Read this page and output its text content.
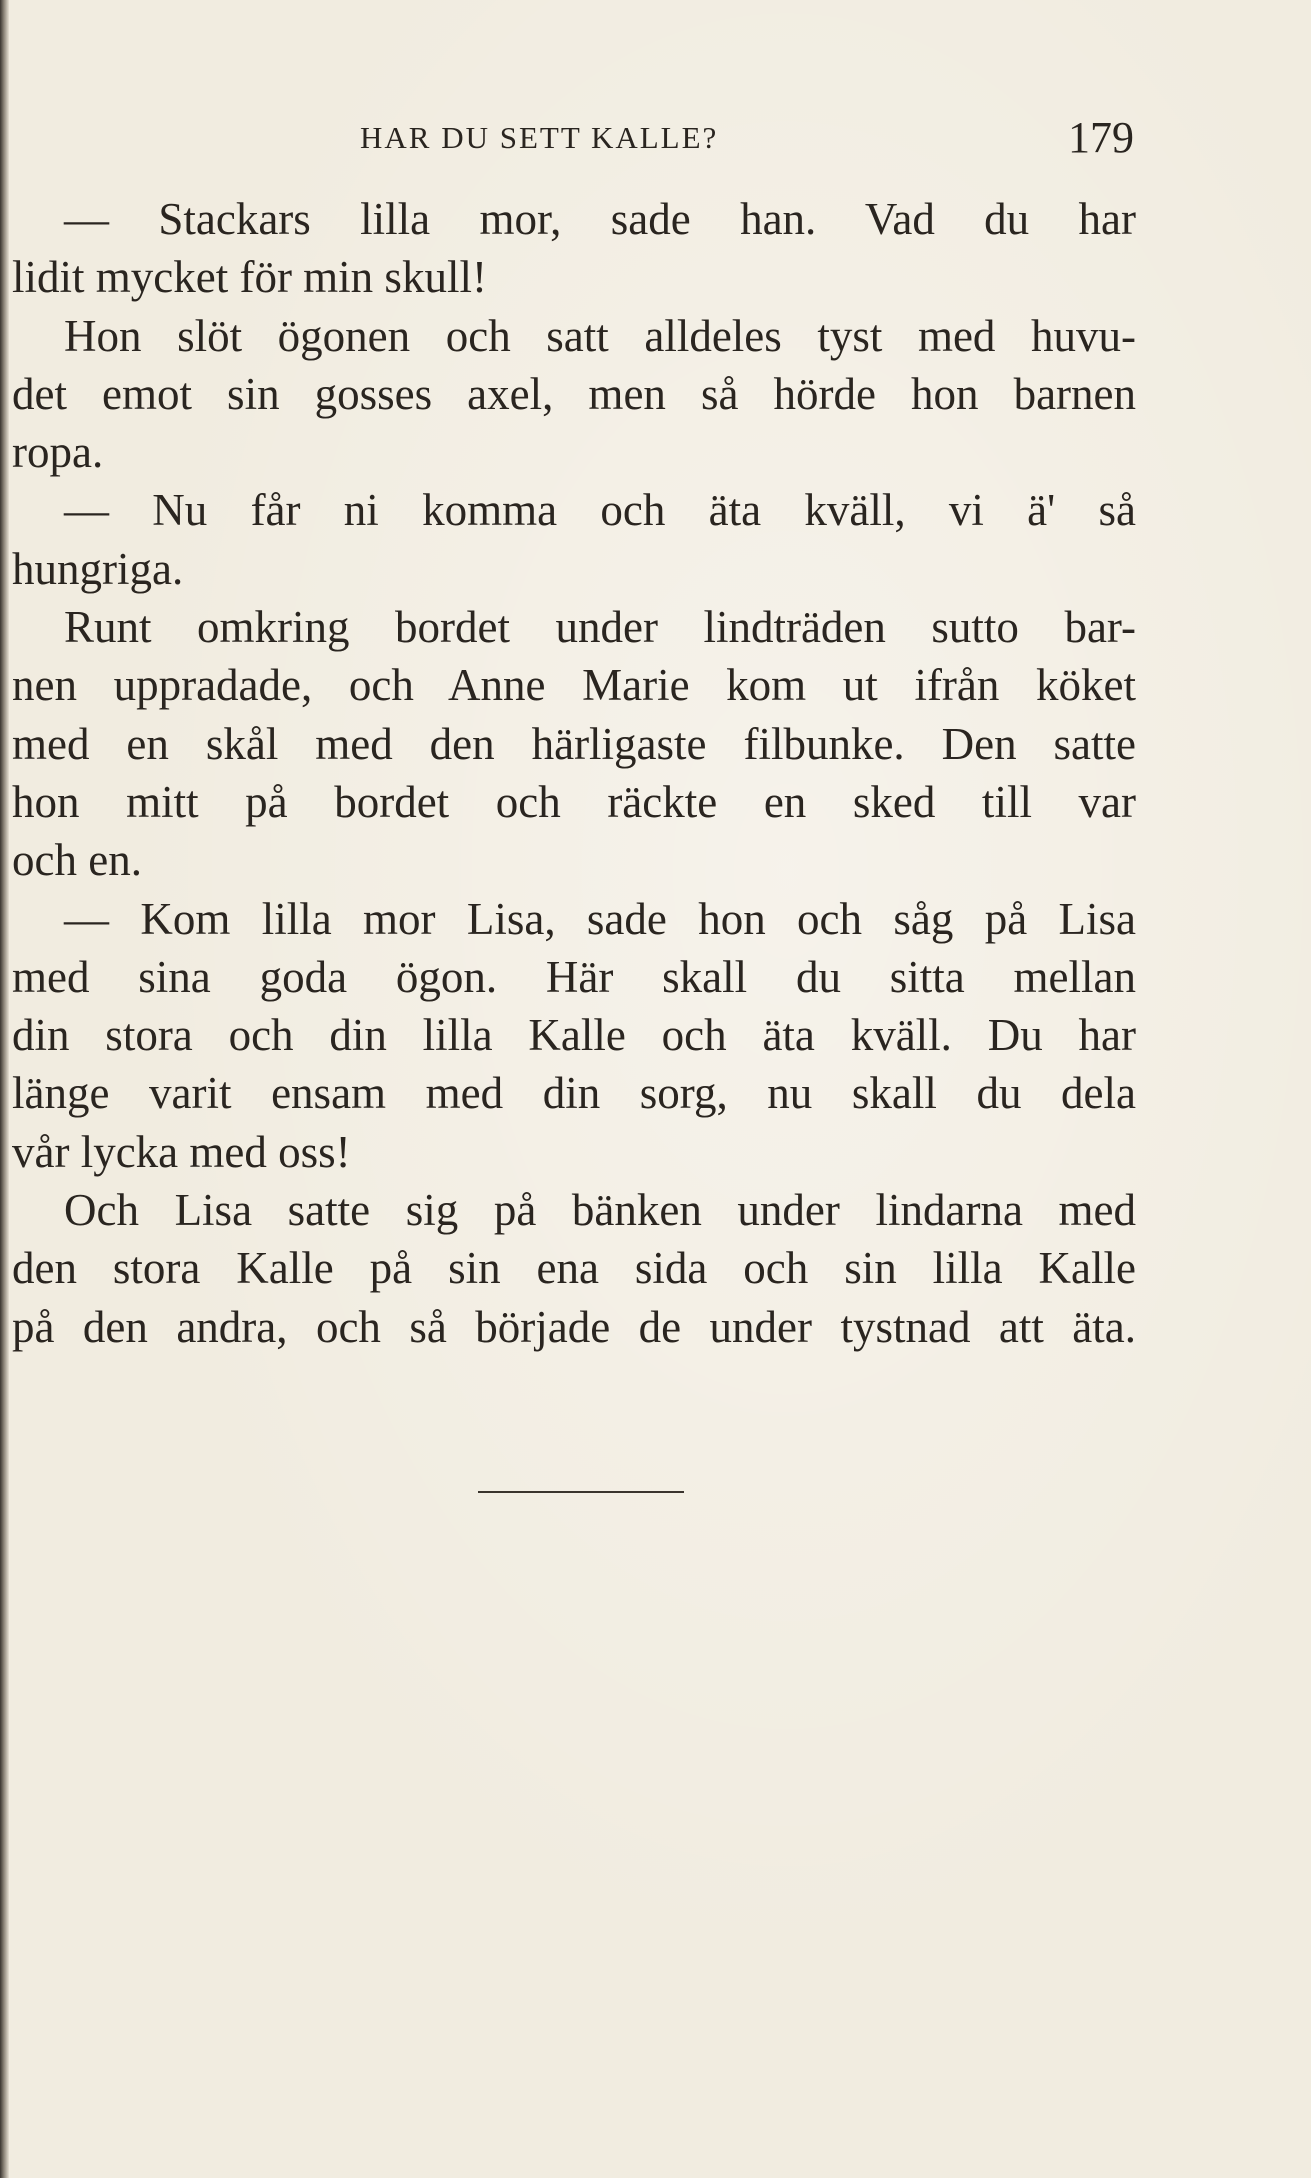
HAR DU SETT KALLE?	179
— Stackars lilla mor, sade han. Vad du har
lidit mycket för min skull!
Hon slöt ögonen och satt alldeles tyst med huvu-
det emot sin gosses axel, men så hörde hon barnen
ropa.
— Nu får ni komma och äta kväll, vi ä' så
hungriga.
Runt omkring bordet under lindträden sutto bar-
nen uppradade, och Anne Marie kom ut ifrån köket
med en skål med den härligaste filbunke. Den satte
hon mitt på bordet och räckte en sked till var
och en.
— Kom lilla mor Lisa, sade hon och såg på Lisa
med sina goda ögon. Här skall du sitta mellan
din stora och din lilla Kalle och äta kväll. Du har
länge varit ensam med din sorg, nu skall du dela
vår lycka med oss!
Och Lisa satte sig på bänken under lindarna med
den stora Kalle på sin ena sida och sin lilla Kalle
på den andra, och så började de under tystnad att äta.
